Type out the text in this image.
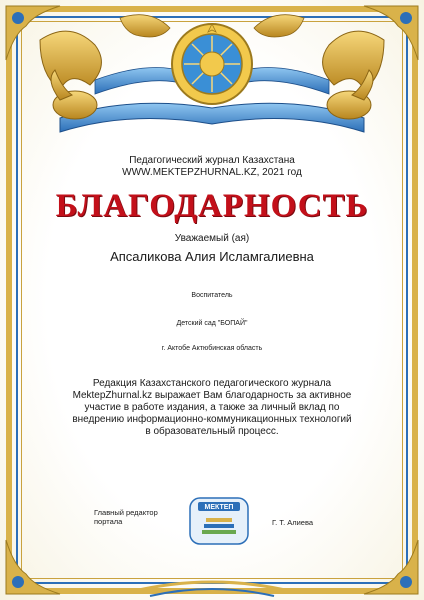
Педагогический журнал Казахстана
WWW.MEKTEPZHURNAL.KZ, 2021 год
БЛАГОДАРНОСТЬ
Уважаемый (ая)
Апсаликова Алия Исламгалиевна
Воспитатель
Детский сад "БОПАЙ"
г. Актобе Актюбинская область
Редакция Казахстанского педагогического журнала MektepZhurnal.kz выражает Вам благодарность за активное участие в работе издания, а также за личный вклад по внедрению информационно-коммуникационных технологий в образовательный процесс.
Главный редактор
портала
МЕКТЕП
Г. Т. Алиева
